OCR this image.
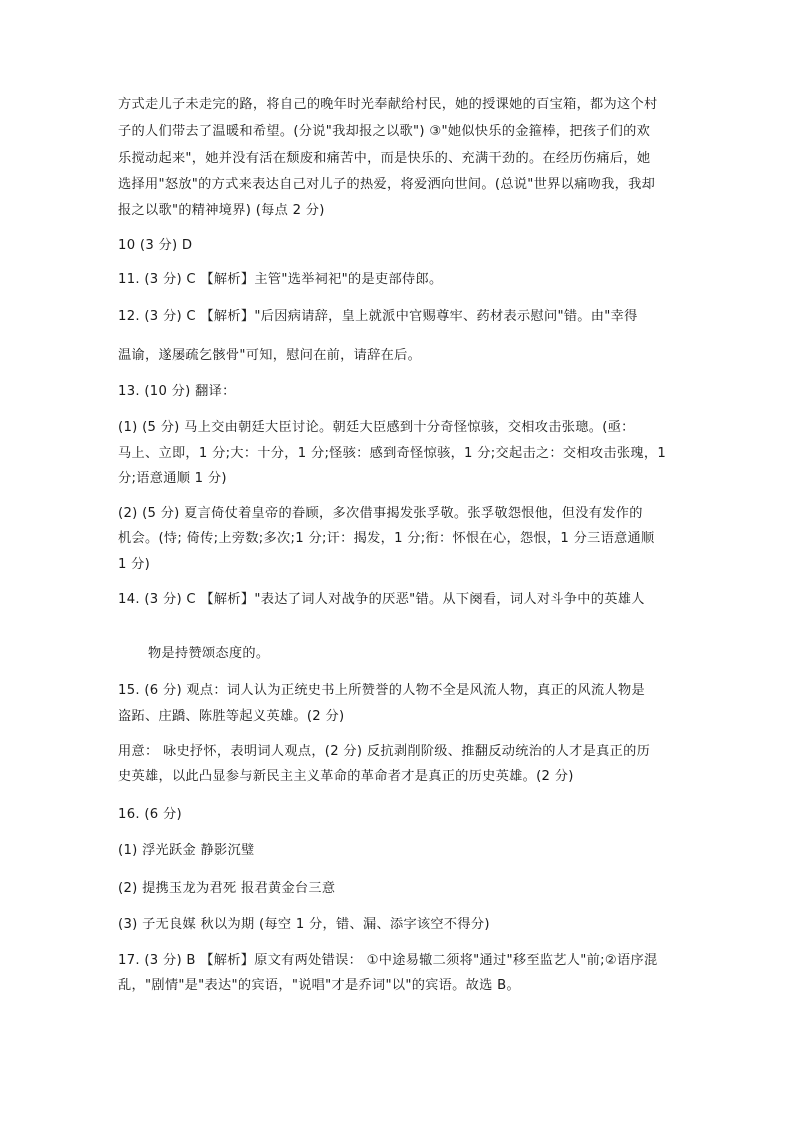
方式走儿子未走完的路，将自己的晚年时光奉献给村民，她的授课她的百宝箱，都为这个村
子的人们带去了温暖和希望。(分说"我却报之以歌") ③"她似快乐的金箍棒，把孩子们的欢
乐搅动起来"，她并没有活在颓废和痛苦中，而是快乐的、充满干劲的。在经历伤痛后，她
选择用"怒放"的方式来表达自己对儿子的热爱，将爱洒向世间。(总说"世界以痛吻我，我却
报之以歌"的精神境界) (每点 2 分)
10 (3 分) D
11. (3 分) C 【解析】主管"选举祠祀"的是吏部侍郎。
12. (3 分) C 【解析】"后因病请辞，皇上就派中官赐尊牢、药材表示慰问"错。由"幸得
温谕，遂屡疏乞骸骨"可知，慰问在前，请辞在后。
13. (10 分) 翻译：
(1) (5 分) 马上交由朝廷大臣讨论。朝廷大臣感到十分奇怪惊骇，交相攻击张璁。(亟：
马上、立即，1 分;大：十分，1 分;怪骇：感到奇怪惊骇，1 分;交起击之：交相攻击张瑰，1
分;语意通顺 1 分)
(2) (5 分) 夏言倚仗着皇帝的眷顾，多次借事揭发张孚敬。张孚敬怨恨他，但没有发作的
机会。(恃; 倚传;上旁数;多次;1 分;讦：揭发，1 分;衔：怀恨在心，怨恨，1 分三语意通顺
1 分)
14. (3 分) C 【解析】"表达了词人对战争的厌恶"错。从下阕看，词人对斗争中的英雄人
物是持赞颂态度的。
15. (6 分) 观点：词人认为正统史书上所赞誉的人物不全是风流人物，真正的风流人物是
盗跖、庄蹻、陈胜等起义英雄。(2 分)
用意： 咏史抒怀，表明词人观点，(2 分) 反抗剥削阶级、推翻反动统治的人才是真正的历
史英雄，以此凸显参与新民主主义革命的革命者才是真正的历史英雄。(2 分)
16. (6 分)
(1) 浮光跃金 静影沉璧
(2) 提携玉龙为君死 报君黄金台三意
(3) 子无良媒 秋以为期 (每空 1 分，错、漏、添字该空不得分)
17. (3 分) B 【解析】原文有两处错误： ①中途易辙二须将"通过"移至监艺人"前;②语序混
乱，"剧情"是"表达"的宾语，"说唱"才是乔词"以"的宾语。故选 B。
